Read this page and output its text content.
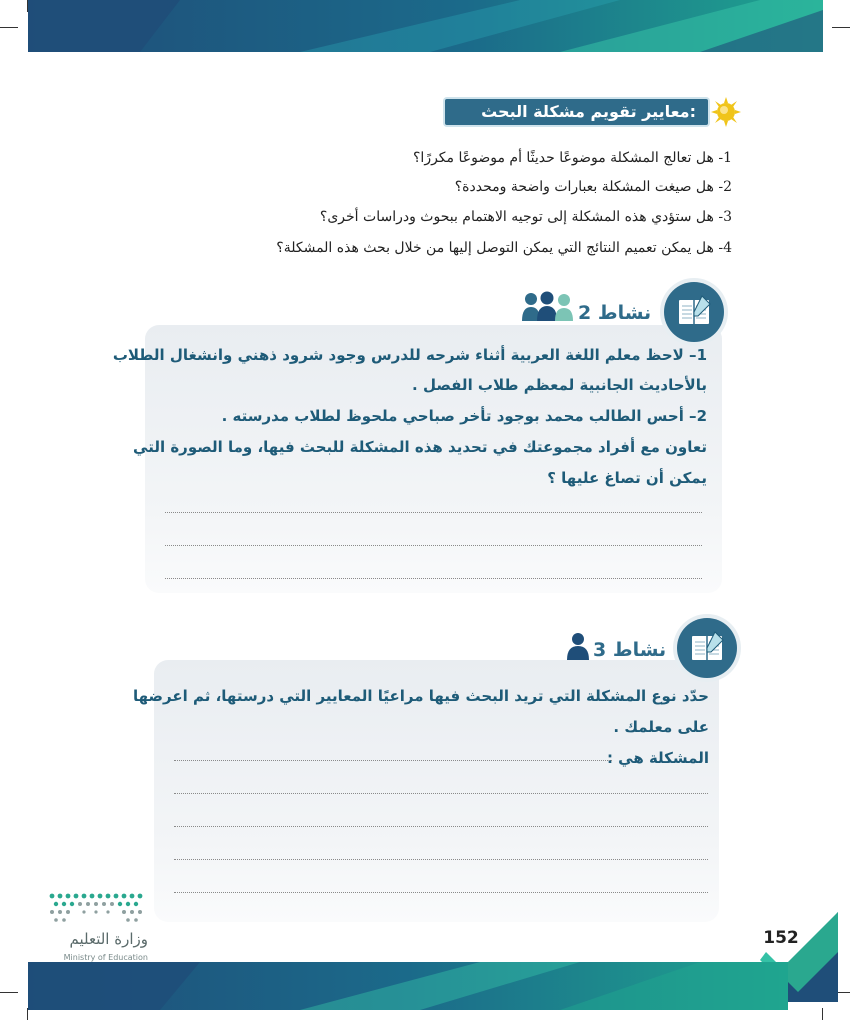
معايير تقويم مشكلة البحث:
1- هل تعالج المشكلة موضوعًا حديثًا أم موضوعًا مكررًا؟
2- هل صيغت المشكلة بعبارات واضحة ومحددة؟
3- هل ستؤدي هذه المشكلة إلى توجيه الاهتمام ببحوث ودراسات أخرى؟
4- هل يمكن تعميم النتائج التي يمكن التوصل إليها من خلال بحث هذه المشكلة؟
نشاط 2
1– لاحظ معلم اللغة العربية أثناء شرحه للدرس وجود شرود ذهني وانشغال الطلاب
بالأحاديث الجانبية لمعظم طلاب الفصل .
2– أحس الطالب محمد بوجود تأخر صباحي ملحوظ لطلاب مدرسته .
تعاون مع أفراد مجموعتك في تحديد هذه المشكلة للبحث فيها، وما الصورة التي
يمكن أن تصاغ عليها ؟
نشاط 3
حدّد نوع المشكلة التي تريد البحث فيها مراعيًا المعايير التي درستها، ثم اعرضها
على معلمك .
المشكلة هي :
وزارة التعليم
Ministry of Education
152
